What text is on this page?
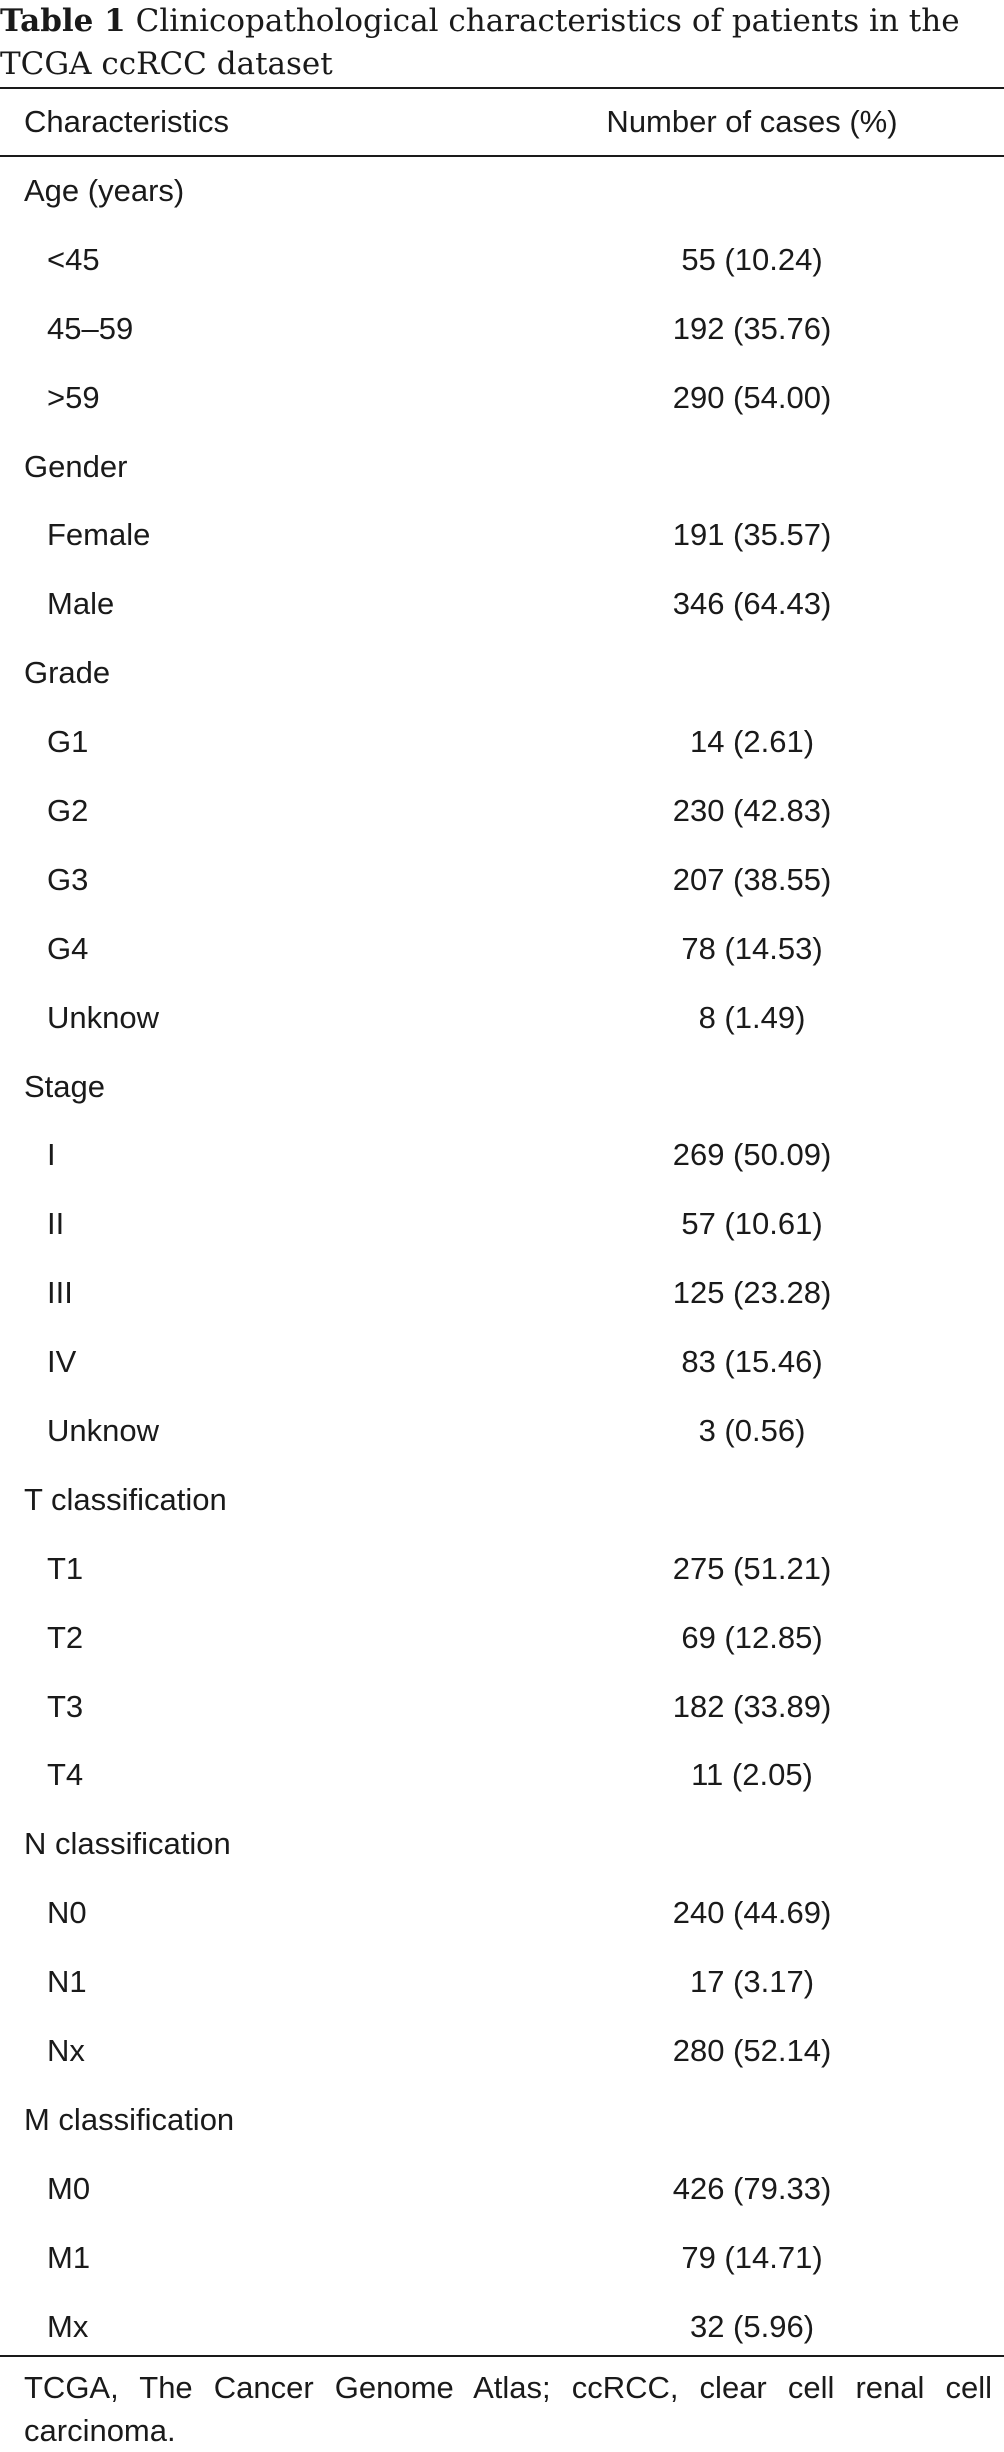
Table 1 Clinicopathological characteristics of patients in the TCGA ccRCC dataset

Characteristics	Number of cases (%)
Age (years)
<45	55 (10.24)
45–59	192 (35.76)
>59	290 (54.00)
Gender
Female	191 (35.57)
Male	346 (64.43)
Grade
G1	14 (2.61)
G2	230 (42.83)
G3	207 (38.55)
G4	78 (14.53)
Unknow	8 (1.49)
Stage
I	269 (50.09)
II	57 (10.61)
III	125 (23.28)
IV	83 (15.46)
Unknow	3 (0.56)
T classification
T1	275 (51.21)
T2	69 (12.85)
T3	182 (33.89)
T4	11 (2.05)
N classification
N0	240 (44.69)
N1	17 (3.17)
Nx	280 (52.14)
M classification
M0	426 (79.33)
M1	79 (14.71)
Mx	32 (5.96)

TCGA, The Cancer Genome Atlas; ccRCC, clear cell renal cell carcinoma.
